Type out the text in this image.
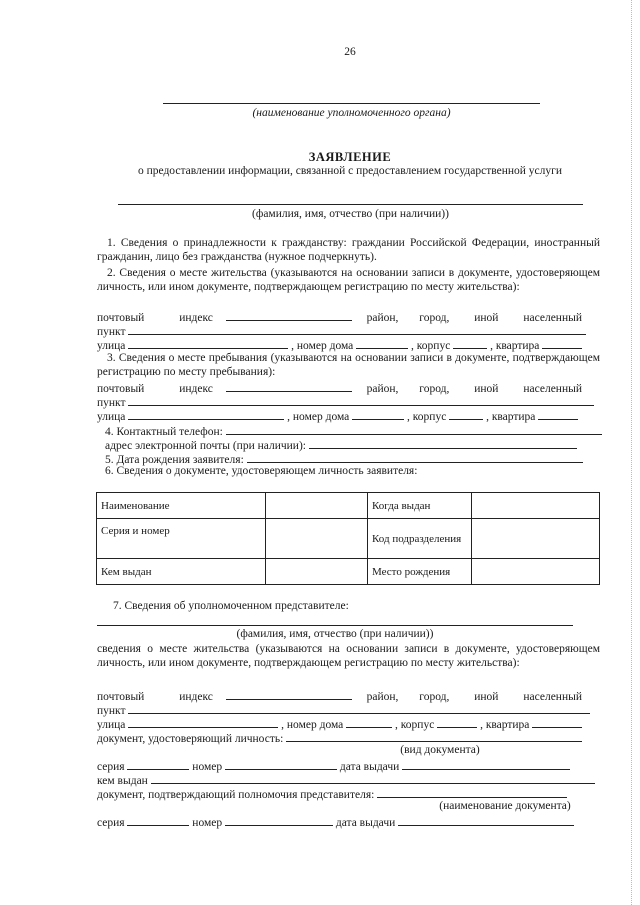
26
(наименование уполномоченного органа)
ЗАЯВЛЕНИЕ
о предоставлении информации, связанной с предоставлением государственной услуги
(фамилия, имя, отчество (при наличии))
1. Сведения о принадлежности к гражданству: граждании Российской Федерации, иностранный гражданин, лицо без гражданства (нужное подчеркнуть).
2. Сведения о месте жительства (указываются на основании записи в документе, удостоверяющем личность, или ином документе, подтверждающем регистрацию по месту жительства):
почтовый индекс	район, город, иной населенный
пункт
улица	, номер дома	, корпус	, квартира
3. Сведения о месте пребывания (указываются на основании записи в документе, подтверждающем регистрацию по месту пребывания):
почтовый индекс	район, город, иной населенный
пункт
улица	, номер дома	, корпус	, квартира
4. Контактный телефон:
адрес электронной почты (при наличии):
5. Дата рождения заявителя:
6. Сведения о документе, удостоверяющем личность заявителя:
Наименование		Когда выдан	
Серия и номер		Код подразделения	
Кем выдан		Место рождения	
7. Сведения об уполномоченном представителе:
(фамилия, имя, отчество (при наличии))
сведения о месте жительства (указываются на основании записи в документе, удостоверяющем личность, или ином документе, подтверждающем регистрацию по месту жительства):
почтовый индекс	район, город, иной населенный
пункт
улица	, номер дома	, корпус	, квартира
документ, удостоверяющий личность:
(вид документа)
серия	номер	дата выдачи
кем выдан
документ, подтверждающий полномочия представителя:
(наименование документа)
серия	номер	дата выдачи
